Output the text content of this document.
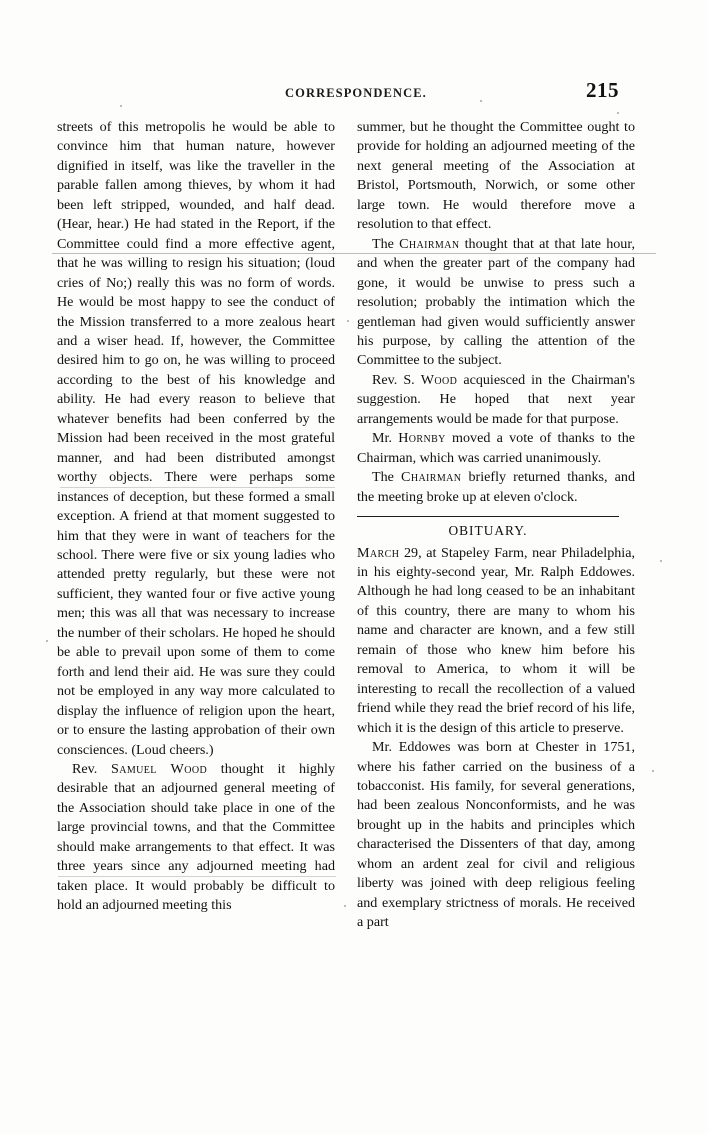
CORRESPONDENCE.	215

streets of this metropolis he would be able to convince him that human nature, however dignified in itself, was like the traveller in the parable fallen among thieves, by whom it had been left stripped, wounded, and half dead. (Hear, hear.) He had stated in the Report, if the Committee could find a more effective agent, that he was willing to resign his situation; (loud cries of No;) really this was no form of words. He would be most happy to see the conduct of the Mission transferred to a more zealous heart and a wiser head. If, however, the Committee desired him to go on, he was willing to proceed according to the best of his knowledge and ability. He had every reason to believe that whatever benefits had been conferred by the Mission had been received in the most grateful manner, and had been distributed amongst worthy objects. There were perhaps some instances of deception, but these formed a small exception. A friend at that moment suggested to him that they were in want of teachers for the school. There were five or six young ladies who attended pretty regularly, but these were not sufficient, they wanted four or five active young men; this was all that was necessary to increase the number of their scholars. He hoped he should be able to prevail upon some of them to come forth and lend their aid. He was sure they could not be employed in any way more calculated to display the influence of religion upon the heart, or to ensure the lasting approbation of their own consciences. (Loud cheers.)

Rev. Samuel Wood thought it highly desirable that an adjourned general meeting of the Association should take place in one of the large provincial towns, and that the Committee should make arrangements to that effect. It was three years since any adjourned meeting had taken place. It would probably be difficult to hold an adjourned meeting this

summer, but he thought the Committee ought to provide for holding an adjourned meeting of the next general meeting of the Association at Bristol, Portsmouth, Norwich, or some other large town. He would therefore move a resolution to that effect.

The Chairman thought that at that late hour, and when the greater part of the company had gone, it would be unwise to press such a resolution; probably the intimation which the gentleman had given would sufficiently answer his purpose, by calling the attention of the Committee to the subject.

Rev. S. Wood acquiesced in the Chairman's suggestion. He hoped that next year arrangements would be made for that purpose.

Mr. Hornby moved a vote of thanks to the Chairman, which was carried unanimously.

The Chairman briefly returned thanks, and the meeting broke up at eleven o'clock.

OBITUARY.

March 29, at Stapeley Farm, near Philadelphia, in his eighty-second year, Mr. Ralph Eddowes. Although he had long ceased to be an inhabitant of this country, there are many to whom his name and character are known, and a few still remain of those who knew him before his removal to America, to whom it will be interesting to recall the recollection of a valued friend while they read the brief record of his life, which it is the design of this article to preserve.

Mr. Eddowes was born at Chester in 1751, where his father carried on the business of a tobacconist. His family, for several generations, had been zealous Nonconformists, and he was brought up in the habits and principles which characterised the Dissenters of that day, among whom an ardent zeal for civil and religious liberty was joined with deep religious feeling and exemplary strictness of morals. He received a part
